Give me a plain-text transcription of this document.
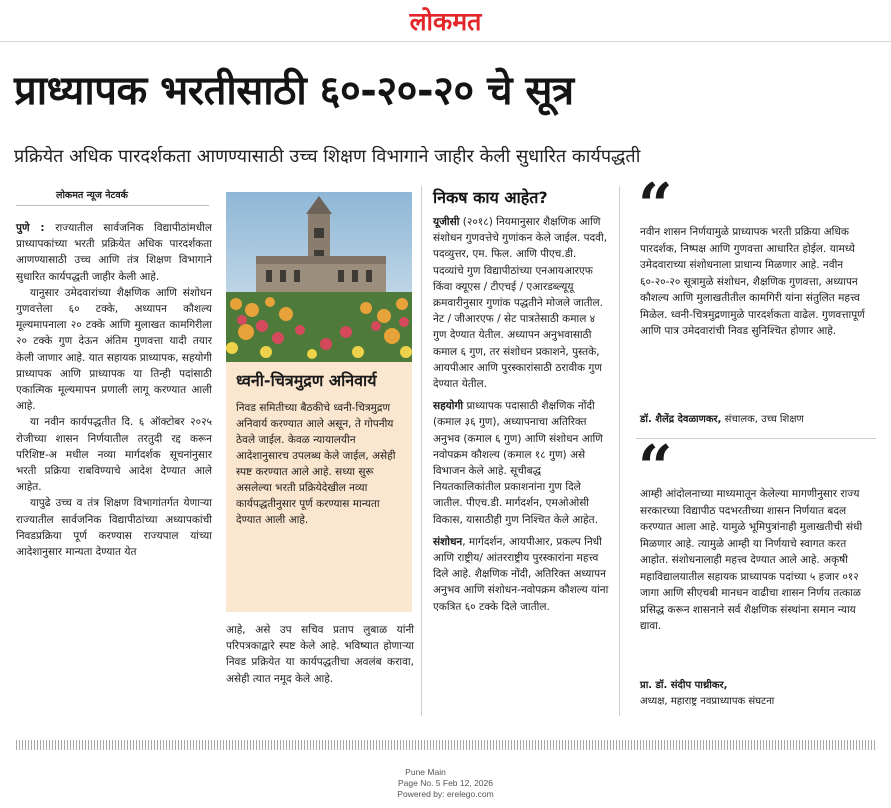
लोकमत
प्राध्यापक भरतीसाठी ६०-२०-२० चे सूत्र
प्रक्रियेत अधिक पारदर्शकता आणण्यासाठी उच्च शिक्षण विभागाने जाहीर केली सुधारित कार्यपद्धती
लोकमत न्यूज नेटवर्क

पुणे : राज्यातील सार्वजनिक विद्यापीठांमधील प्राध्यापकांच्या भरती प्रक्रियेत अधिक पारदर्शकता आणण्यासाठी उच्च आणि तंत्र शिक्षण विभागाने सुधारित कार्यपद्धती जाहीर केली आहे.

यानुसार उमेदवारांच्या शैक्षणिक आणि संशोधन गुणवत्तेला ६० टक्के, अध्यापन कौशल्य मूल्यमापनाला २० टक्के आणि मुलाखत कामगिरीला २० टक्के गुण देऊन अंतिम गुणवत्ता यादी तयार केली जाणार आहे. यात सहायक प्राध्यापक, सहयोगी प्राध्यापक आणि प्राध्यापक या तिन्ही पदांसाठी एकात्मिक मूल्यमापन प्रणाली लागू करण्यात आली आहे.

या नवीन कार्यपद्धतीत दि. ६ ऑक्टोबर २०२५ रोजीच्या शासन निर्णयातील तरतुदी रद्द करून परिशिष्ट-अ मधील नव्या मार्गदर्शक सूचनांनुसार भरती प्रक्रिया राबविण्याचे आदेश देण्यात आले आहेत.

यापुढे उच्च व तंत्र शिक्षण विभागांतर्गत येणाऱ्या राज्यातील सार्वजनिक विद्यापीठांच्या अध्यापकांची निवडप्रक्रिया पूर्ण करण्यास राज्यपाल यांच्या आदेशानुसार मान्यता देण्यात येत

ध्वनी-चित्रमुद्रण अनिवार्य
निवड समितीच्या बैठकीचे ध्वनी-चित्रमुद्रण अनिवार्य करण्यात आले असून, ते गोपनीय ठेवले जाईल. केवळ न्यायालयीन आदेशानुसारच उपलब्ध केले जाईल, असेही स्पष्ट करण्यात आले आहे. सध्या सुरू असलेल्या भरती प्रक्रियेदेखील नव्या कार्यपद्धतीनुसार पूर्ण करण्यास मान्यता देण्यात आली आहे.
आहे, असे उप सचिव प्रताप लुबाळ यांनी परिपत्रकाद्वारे स्पष्ट केले आहे. भविष्यात होणाऱ्या निवड प्रक्रियेत या कार्यपद्धतीचा अवलंब करावा, असेही त्यात नमूद केले आहे.
निकष काय आहेत?

यूजीसी (२०१८) नियमानुसार शैक्षणिक आणि संशोधन गुणवत्तेचे गुणांकन केले जाईल. पदवी, पदव्युत्तर, एम. फिल. आणि पीएच.डी. पदव्यांचे गुण विद्यापीठांच्या एनआयआरएफ किंवा क्यूएस / टीएचई / एआरडब्ल्यूयू क्रमवारीनुसार गुणांक पद्धतीने मोजले जातील. नेट / जीआरएफ / सेट पात्रतेसाठी कमाल ४ गुण देण्यात येतील. अध्यापन अनुभवासाठी कमाल ६ गुण, तर संशोधन प्रकाशने, पुस्तके, आयपीआर आणि पुरस्कारांसाठी ठरावीक गुण देण्यात येतील.

सहयोगी प्राध्यापक पदासाठी शैक्षणिक नोंदी (कमाल ३६ गुण), अध्यापनाचा अतिरिक्त अनुभव (कमाल ६ गुण) आणि संशोधन आणि नवोपक्रम कौशल्य (कमाल १८ गुण) असे विभाजन केले आहे. सूचीबद्ध नियतकालिकांतील प्रकाशनांना गुण दिले जातील. पीएच.डी. मार्गदर्शन, एमओओसी विकास, यासाठीही गुण निश्चित केले आहेत.

संशोधन, मार्गदर्शन, आयपीआर, प्रकल्प निधी आणि राष्ट्रीय/ आंतरराष्ट्रीय पुरस्कारांना महत्त्व दिले आहे. शैक्षणिक नोंदी, अतिरिक्त अध्यापन अनुभव आणि संशोधन-नवोपक्रम कौशल्य यांना एकत्रित ६० टक्के दिले जातील.

“
नवीन शासन निर्णयामुळे प्राध्यापक भरती प्रक्रिया अधिक पारदर्शक, निष्पक्ष आणि गुणवत्ता आधारित होईल. यामध्ये उमेदवाराच्या संशोधनाला प्राधान्य मिळणार आहे. नवीन ६०-२०-२० सूत्रामुळे संशोधन, शैक्षणिक गुणवत्ता, अध्यापन कौशल्य आणि मुलाखतीतील कामगिरी यांना संतुलित महत्त्व मिळेल. ध्वनी-चित्रमुद्रणामुळे पारदर्शकता वाढेल. गुणवत्तापूर्ण आणि पात्र उमेदवारांची निवड सुनिश्चित होणार आहे.
डॉ. शैलेंद्र देवळाणकर, संचालक, उच्च शिक्षण
“
आम्ही आंदोलनाच्या माध्यमातून केलेल्या मागणीनुसार राज्य सरकारच्या विद्यापीठ पदभरतीच्या शासन निर्णयात बदल करण्यात आला आहे. यामुळे भूमिपुत्रांनाही मुलाखतीची संधी मिळणार आहे. त्यामुळे आम्ही या निर्णयाचे स्वागत करत आहोत. संशोधनालाही महत्त्व देण्यात आले आहे. अकृषी महाविद्यालयातील सहायक प्राध्यापक पदांच्या ५ हजार ०१२ जागा आणि सीएचबी मानधन वाढीचा शासन निर्णय तत्काळ प्रसिद्ध करून शासनाने सर्व शैक्षणिक संस्थांना समान न्याय द्यावा.
प्रा. डॉ. संदीप पाथ्रीकर,
अध्यक्ष, महाराष्ट्र नवप्राध्यापक संघटना
Pune Main
Page No. 5 Feb 12, 2026
Powered by: erelego.com
